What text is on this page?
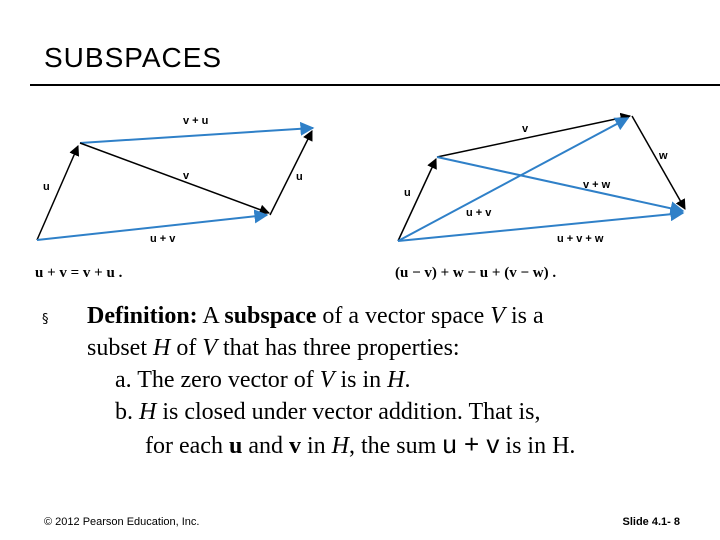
SUBSPACES
v + u
u
v	u
u + v
u + v = v + u .
v
w
u
v + w
u + v
u + v + w
(u − v) + w − u + (v − w) .
§ Definition: A subspace of a vector space V is a
subset H of V that has three properties:
a. The zero vector of V is in H.
b. H is closed under vector addition. That is,
for each u and v in H, the sum u + v is in H.
© 2012 Pearson Education, Inc.	Slide 4.1- 8
